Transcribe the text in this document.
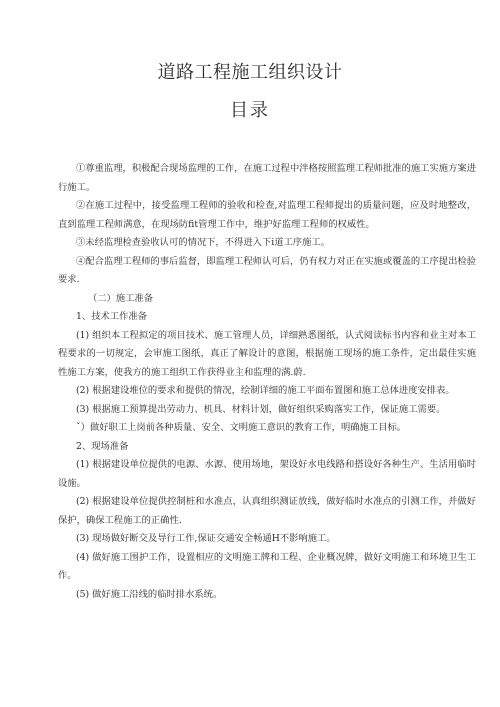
道路工程施工组织设计
目录

①尊重监理，积极配合现场监理的工作，在施工过程中泮格按照监理工程师批准的施工实施方案进行施工。

②在施工过程中，接受监理工程师的验收和检查,对监理工程师提出的质量问题，应及时地整改，直到监理工程师满意，在现场防fit管理工作中，维护好监理工程师的权威性。

③未经监理检查验收认可的情况下，不得进入下i道工序施工。

④配合监理工程师的事后监督，即监理工程师认可后，仍有权力对正在实施或覆盖的工序提出检验要求.

（二）施工准备

1、技术工作准备

(1) 组织本工程拟定的项目技术、施工管理人员，详细熟悉图纸，认式阅读标书内容和业主对本工程要求的一切规定，会审施工图纸，真正了解设计的意图，根据施工现场的施工条件，定出最佳实施性施工方案，使我方的施工组织工作获得业主和监理的满.蔚.

(2) 根据建设堆位的要求和提供的情况，绘制详细的施工平面布置图和施工总体进度安排表。

(3) 根据施工预算提出劳动力、机具、材料计划，做好组织采购落实工作，保证施工需要。

ˇ）做好职工上岗前各种质量、安全、文明施工意识的教育工作，明确施工目标。

2、现场准备

(1) 根据建设单位提供的电源、水源、使用场地，架设好水电线路和搭设好各种生产、生活用临时设施。

(2) 根据建设单位提供控制桩和水准点，认真组织测证放线，做好临时水准点的引测工作，并做好保护，确保工程施工的正确性.

(3) 现场做好断交及导行工作,保证交通安全畅通H不影响施工。

(4) 做好施工围护工作，设置相应的文明施工牌和工程、企业概况牌，做好文明施工和环境卫生工作。

(5) 做好施工沿线的临时排水系统。
